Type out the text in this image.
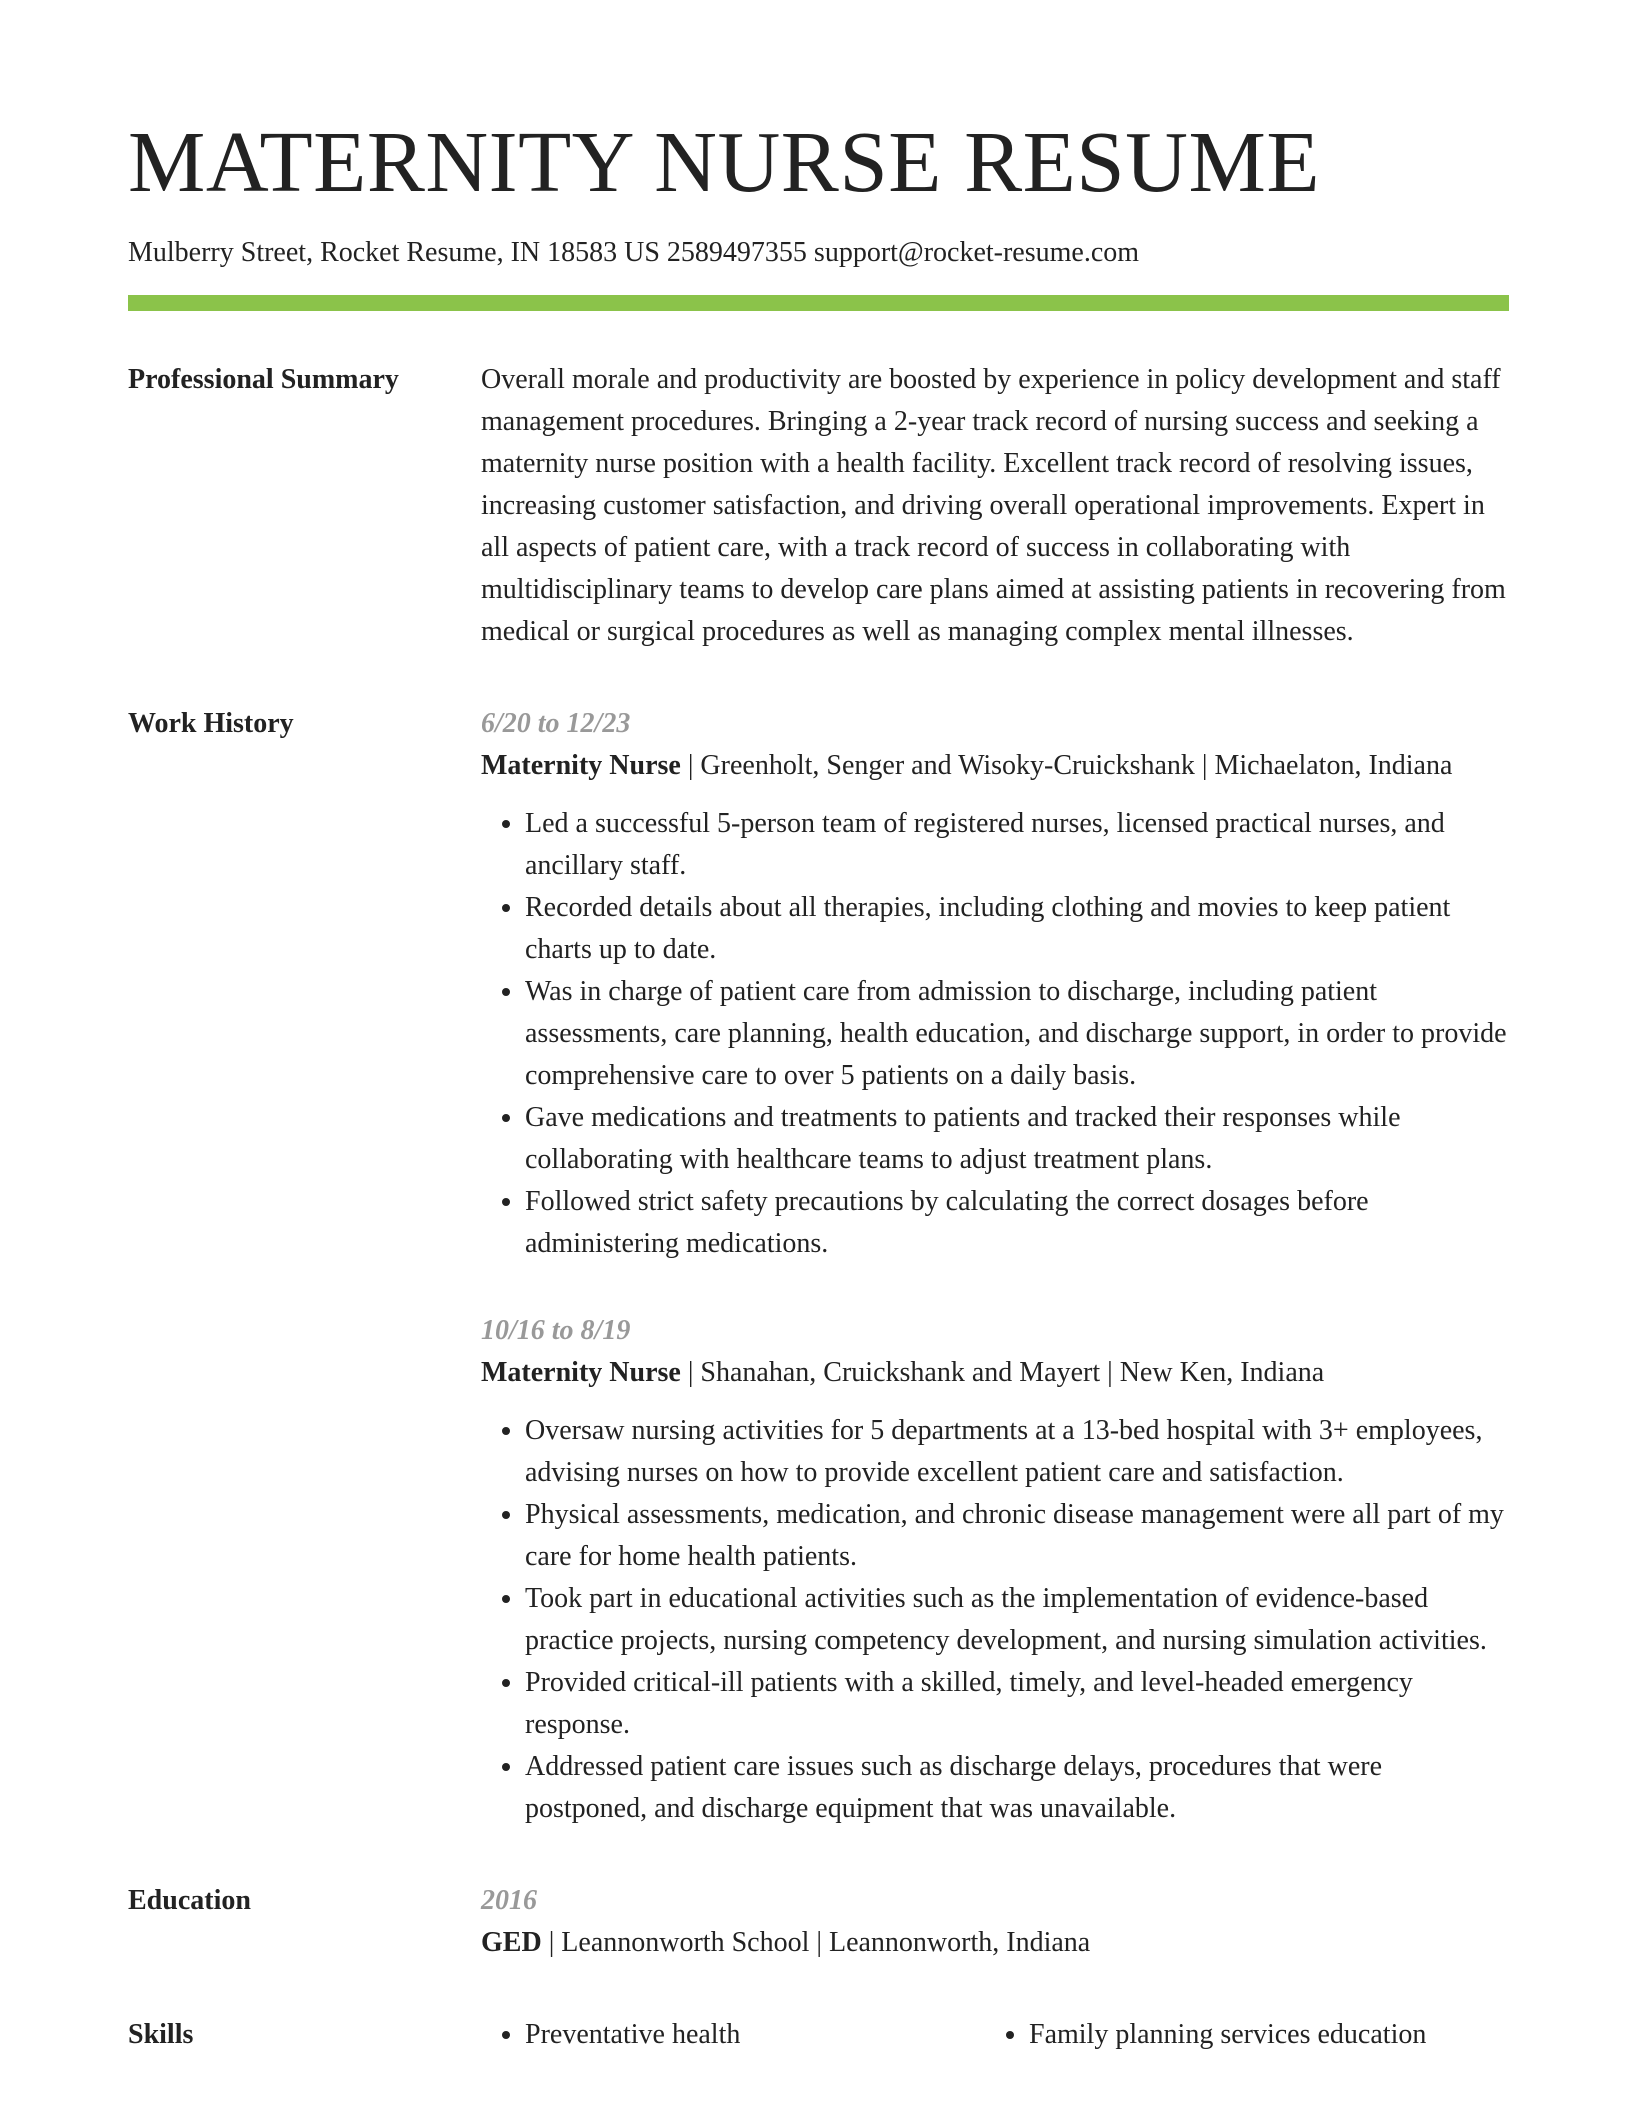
MATERNITY NURSE RESUME
Mulberry Street, Rocket Resume, IN 18583 US 2589497355 support@rocket-resume.com
Professional Summary	Overall morale and productivity are boosted by experience in policy development and staff management procedures. Bringing a 2-year track record of nursing success and seeking a maternity nurse position with a health facility. Excellent track record of resolving issues, increasing customer satisfaction, and driving overall operational improvements. Expert in all aspects of patient care, with a track record of success in collaborating with multidisciplinary teams to develop care plans aimed at assisting patients in recovering from medical or surgical procedures as well as managing complex mental illnesses.

Work History	6/20 to 12/23
Maternity Nurse | Greenholt, Senger and Wisoky-Cruickshank | Michaelaton, Indiana
• Led a successful 5-person team of registered nurses, licensed practical nurses, and ancillary staff.
• Recorded details about all therapies, including clothing and movies to keep patient charts up to date.
• Was in charge of patient care from admission to discharge, including patient assessments, care planning, health education, and discharge support, in order to provide comprehensive care to over 5 patients on a daily basis.
• Gave medications and treatments to patients and tracked their responses while collaborating with healthcare teams to adjust treatment plans.
• Followed strict safety precautions by calculating the correct dosages before administering medications.
10/16 to 8/19
Maternity Nurse | Shanahan, Cruickshank and Mayert | New Ken, Indiana
• Oversaw nursing activities for 5 departments at a 13-bed hospital with 3+ employees, advising nurses on how to provide excellent patient care and satisfaction.
• Physical assessments, medication, and chronic disease management were all part of my care for home health patients.
• Took part in educational activities such as the implementation of evidence-based practice projects, nursing competency development, and nursing simulation activities.
• Provided critical-ill patients with a skilled, timely, and level-headed emergency response.
• Addressed patient care issues such as discharge delays, procedures that were postponed, and discharge equipment that was unavailable.
Education	2016
GED | Leannonworth School | Leannonworth, Indiana
Skills	• Preventative health	• Family planning services education
